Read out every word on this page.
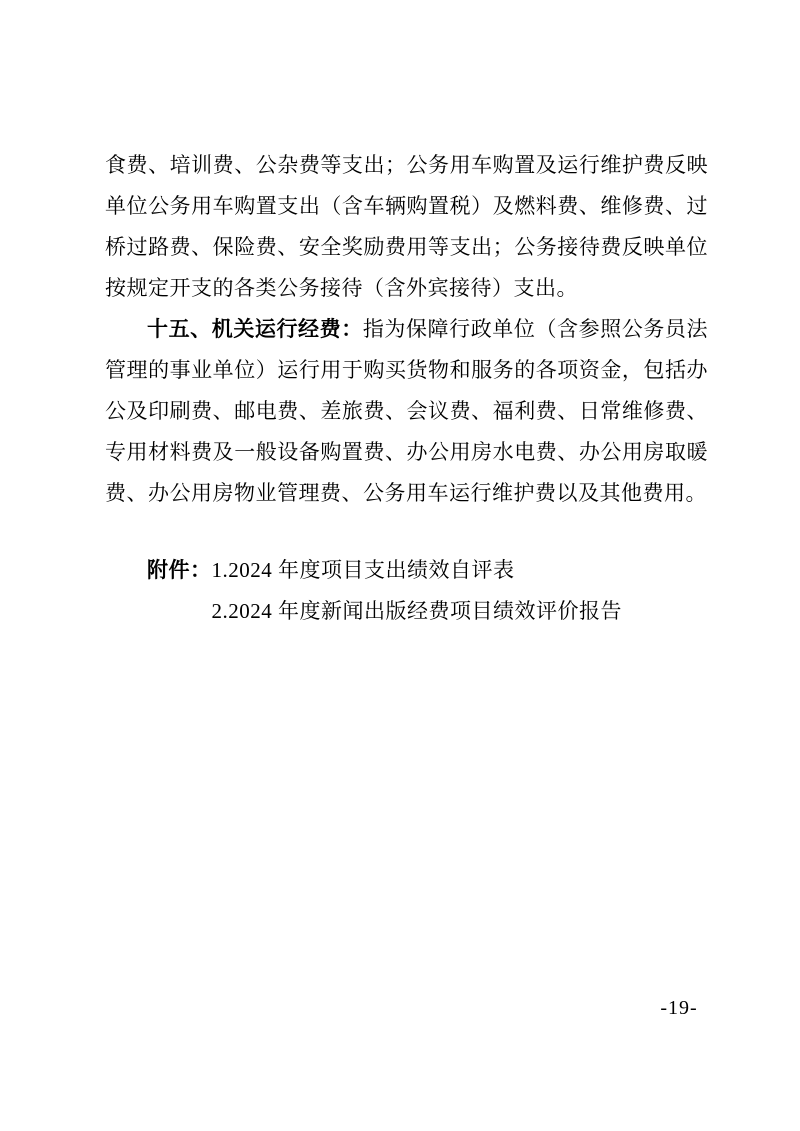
食费、培训费、公杂费等支出；公务用车购置及运行维护费反映单位公务用车购置支出（含车辆购置税）及燃料费、维修费、过桥过路费、保险费、安全奖励费用等支出；公务接待费反映单位按规定开支的各类公务接待（含外宾接待）支出。

十五、机关运行经费：指为保障行政单位（含参照公务员法管理的事业单位）运行用于购买货物和服务的各项资金，包括办公及印刷费、邮电费、差旅费、会议费、福利费、日常维修费、专用材料费及一般设备购置费、办公用房水电费、办公用房取暖费、办公用房物业管理费、公务用车运行维护费以及其他费用。

附件： 1.2024 年度项目支出绩效自评表
2.2024 年度新闻出版经费项目绩效评价报告
-19-
